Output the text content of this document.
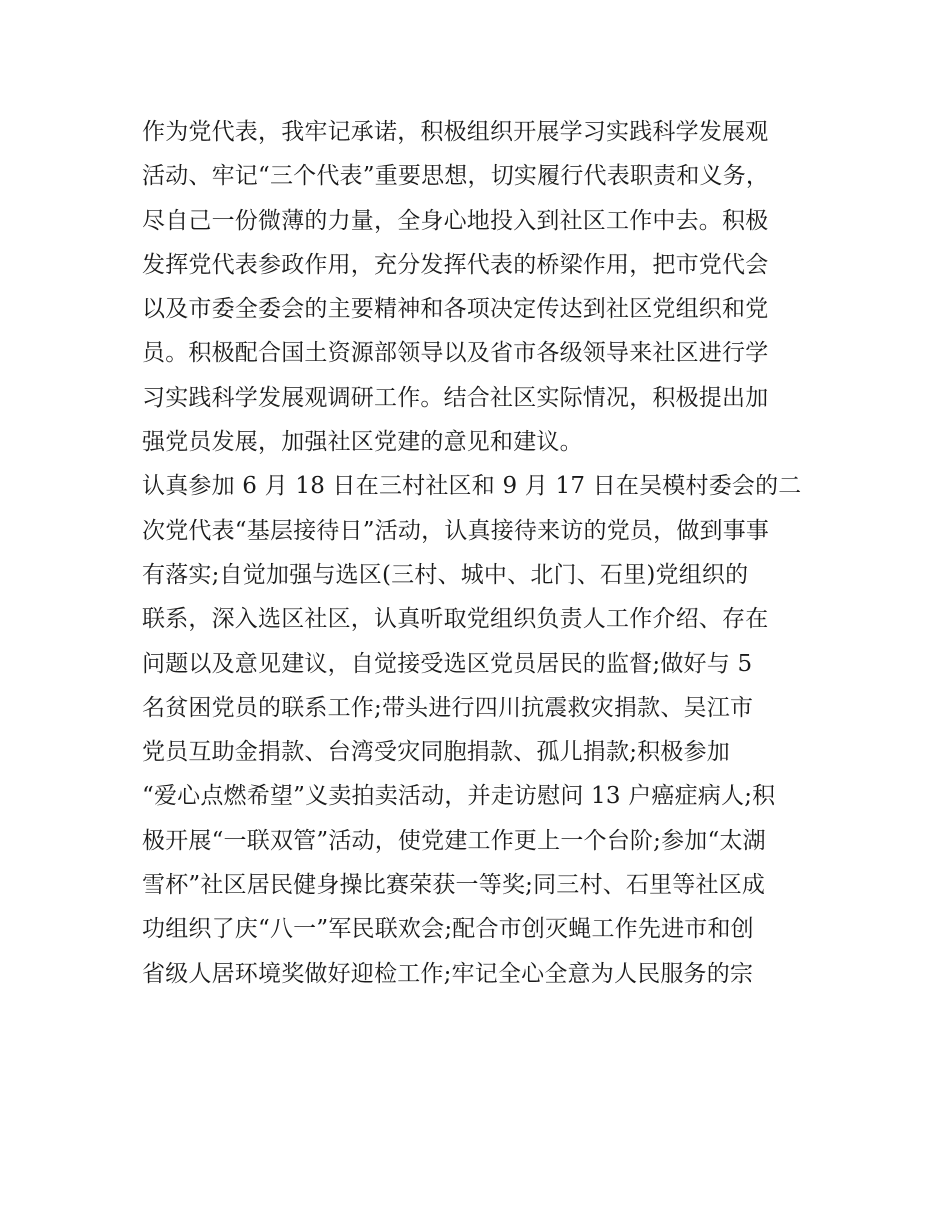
作为党代表，我牢记承诺，积极组织开展学习实践科学发展观
活动、牢记“三个代表”重要思想，切实履行代表职责和义务，
尽自己一份微薄的力量，全身心地投入到社区工作中去。积极
发挥党代表参政作用，充分发挥代表的桥梁作用，把市党代会
以及市委全委会的主要精神和各项决定传达到社区党组织和党
员。积极配合国土资源部领导以及省市各级领导来社区进行学
习实践科学发展观调研工作。结合社区实际情况，积极提出加
强党员发展，加强社区党建的意见和建议。
认真参加 6 月 18 日在三村社区和 9 月 17 日在吴模村委会的二
次党代表“基层接待日”活动，认真接待来访的党员，做到事事
有落实;自觉加强与选区(三村、城中、北门、石里)党组织的
联系，深入选区社区，认真听取党组织负责人工作介绍、存在
问题以及意见建议，自觉接受选区党员居民的监督;做好与 5
名贫困党员的联系工作;带头进行四川抗震救灾捐款、吴江市
党员互助金捐款、台湾受灾同胞捐款、孤儿捐款;积极参加
“爱心点燃希望”义卖拍卖活动，并走访慰问 13 户癌症病人;积
极开展“一联双管”活动，使党建工作更上一个台阶;参加“太湖
雪杯”社区居民健身操比赛荣获一等奖;同三村、石里等社区成
功组织了庆“八一”军民联欢会;配合市创灭蝇工作先进市和创
省级人居环境奖做好迎检工作;牢记全心全意为人民服务的宗
